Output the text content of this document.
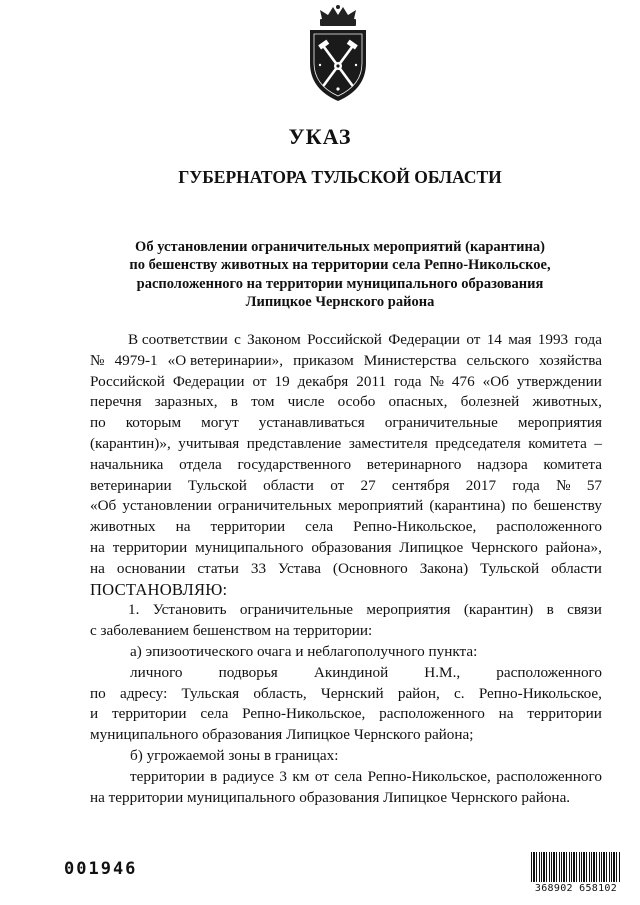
УКАЗ
ГУБЕРНАТОРА ТУЛЬСКОЙ ОБЛАСТИ
Об установлении ограничительных мероприятий (карантина)
по бешенству животных на территории села Репно-Никольское,
расположенного на территории муниципального образования
Липицкое Чернского района
В соответствии с Законом Российской Федерации от 14 мая 1993 года
№ 4979-1 «О ветеринарии», приказом Министерства сельского хозяйства
Российской Федерации от 19 декабря 2011 года № 476 «Об утверждении
перечня заразных, в том числе особо опасных, болезней животных,
по которым могут устанавливаться ограничительные мероприятия
(карантин)», учитывая представление заместителя председателя комитета –
начальника отдела государственного ветеринарного надзора комитета
ветеринарии Тульской области от 27 сентября 2017 года № 57
«Об установлении ограничительных мероприятий (карантина) по бешенству
животных на территории села Репно-Никольское, расположенного
на территории муниципального образования Липицкое Чернского района»,
на основании статьи 33 Устава (Основного Закона) Тульской области
ПОСТАНОВЛЯЮ:
1. Установить ограничительные мероприятия (карантин) в связи
с заболеванием бешенством на территории:
а) эпизоотического очага и неблагополучного пункта:
личного подворья Акиндиной Н.М., расположенного
по адресу: Тульская область, Чернский район, с. Репно-Никольское,
и территории села Репно-Никольское, расположенного на территории
муниципального образования Липицкое Чернского района;
б) угрожаемой зоны в границах:
территории в радиусе 3 км от села Репно-Никольское, расположенного
на территории муниципального образования Липицкое Чернского района.
001946
368902 658102
